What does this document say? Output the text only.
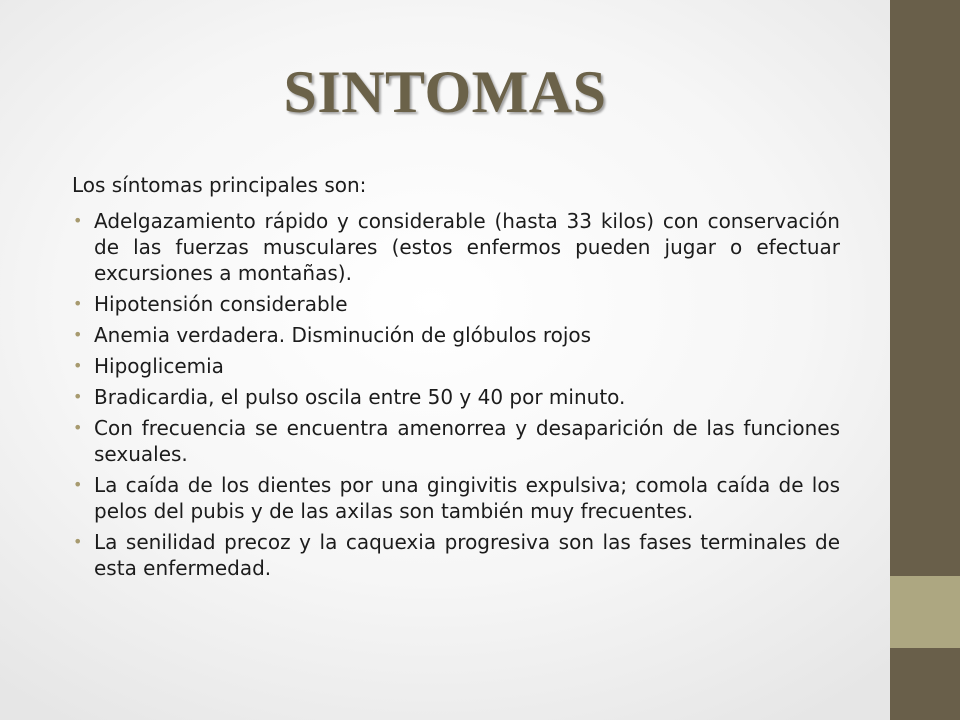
SINTOMAS

Los síntomas principales son:

• Adelgazamiento rápido y considerable (hasta 33 kilos) con conservación de las fuerzas musculares (estos enfermos pueden jugar o efectuar excursiones a montañas).
• Hipotensión considerable
• Anemia verdadera. Disminución de glóbulos rojos
• Hipoglicemia
• Bradicardia, el pulso oscila entre 50 y 40 por minuto.
• Con frecuencia se encuentra amenorrea y desaparición de las funciones sexuales.
• La caída de los dientes por una gingivitis expulsiva; comola caída de los pelos del pubis y de las axilas son también muy frecuentes.
• La senilidad precoz y la caquexia progresiva son las fases terminales de esta enfermedad.
